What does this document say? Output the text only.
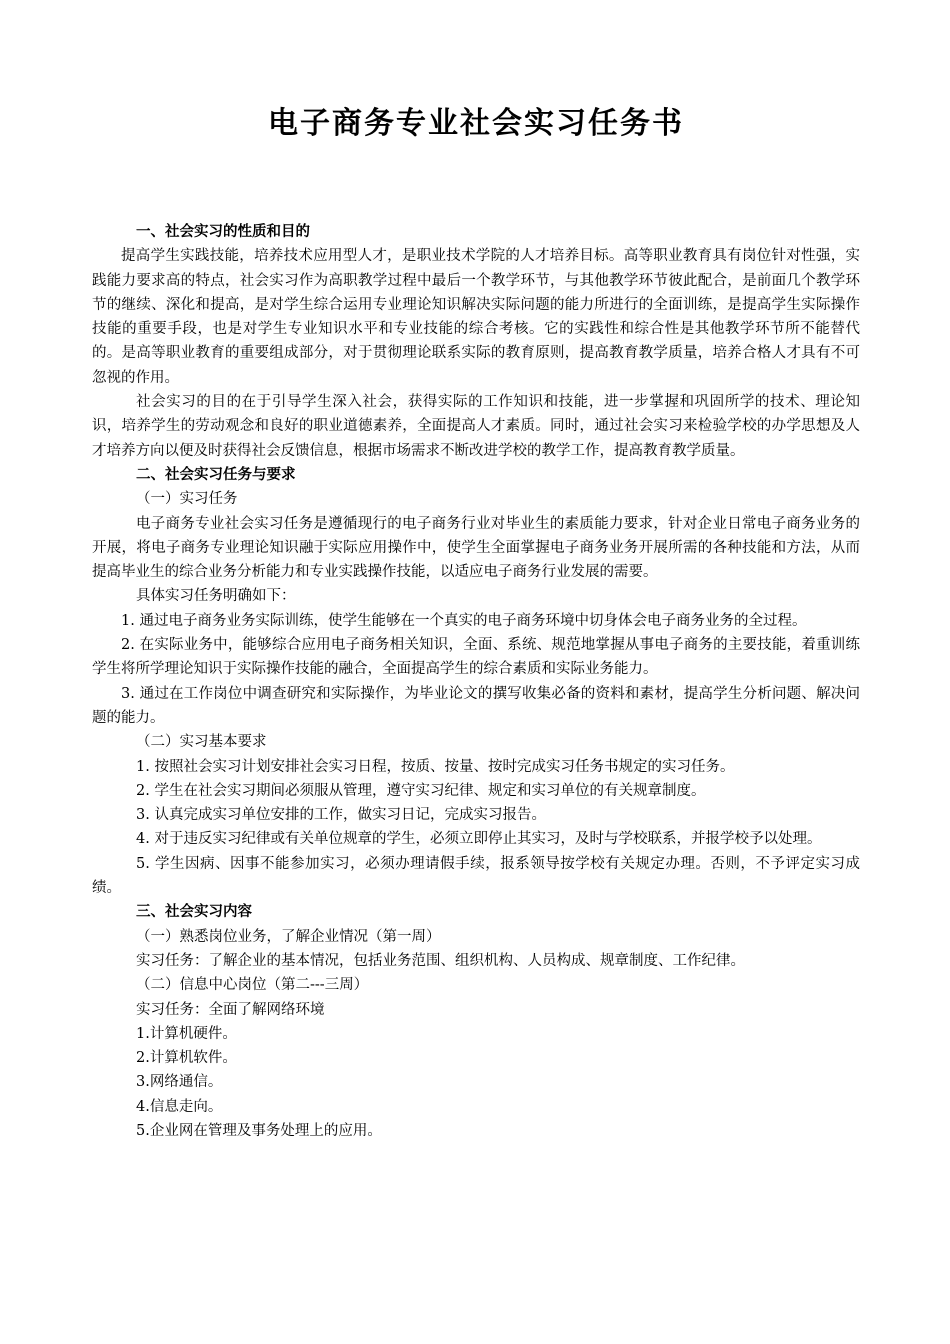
电子商务专业社会实习任务书

一、社会实习的性质和目的

提高学生实践技能，培养技术应用型人才，是职业技术学院的人才培养目标。高等职业教育具有岗位针对性强，实践能力要求高的特点，社会实习作为高职教学过程中最后一个教学环节，与其他教学环节彼此配合，是前面几个教学环节的继续、深化和提高，是对学生综合运用专业理论知识解决实际问题的能力所进行的全面训练，是提高学生实际操作技能的重要手段，也是对学生专业知识水平和专业技能的综合考核。它的实践性和综合性是其他教学环节所不能替代的。是高等职业教育的重要组成部分，对于贯彻理论联系实际的教育原则，提高教育教学质量，培养合格人才具有不可忽视的作用。

社会实习的目的在于引导学生深入社会，获得实际的工作知识和技能，进一步掌握和巩固所学的技术、理论知识，培养学生的劳动观念和良好的职业道德素养，全面提高人才素质。同时，通过社会实习来检验学校的办学思想及人才培养方向以便及时获得社会反馈信息，根据市场需求不断改进学校的教学工作，提高教育教学质量。

二、社会实习任务与要求

（一）实习任务

电子商务专业社会实习任务是遵循现行的电子商务行业对毕业生的素质能力要求，针对企业日常电子商务业务的开展，将电子商务专业理论知识融于实际应用操作中，使学生全面掌握电子商务业务开展所需的各种技能和方法，从而提高毕业生的综合业务分析能力和专业实践操作技能，以适应电子商务行业发展的需要。

具体实习任务明确如下：

1. 通过电子商务业务实际训练，使学生能够在一个真实的电子商务环境中切身体会电子商务业务的全过程。

2. 在实际业务中，能够综合应用电子商务相关知识，全面、系统、规范地掌握从事电子商务的主要技能，着重训练学生将所学理论知识于实际操作技能的融合，全面提高学生的综合素质和实际业务能力。

3. 通过在工作岗位中调查研究和实际操作，为毕业论文的撰写收集必备的资料和素材，提高学生分析问题、解决问题的能力。

（二）实习基本要求

1. 按照社会实习计划安排社会实习日程，按质、按量、按时完成实习任务书规定的实习任务。

2. 学生在社会实习期间必须服从管理，遵守实习纪律、规定和实习单位的有关规章制度。

3. 认真完成实习单位安排的工作，做实习日记，完成实习报告。

4. 对于违反实习纪律或有关单位规章的学生，必须立即停止其实习，及时与学校联系，并报学校予以处理。

5. 学生因病、因事不能参加实习，必须办理请假手续，报系领导按学校有关规定办理。否则，不予评定实习成绩。

三、社会实习内容

（一）熟悉岗位业务，了解企业情况（第一周）

实习任务：了解企业的基本情况，包括业务范围、组织机构、人员构成、规章制度、工作纪律。

（二）信息中心岗位（第二---三周）

实习任务：全面了解网络环境

1.计算机硬件。

2.计算机软件。

3.网络通信。

4.信息走向。

5.企业网在管理及事务处理上的应用。
